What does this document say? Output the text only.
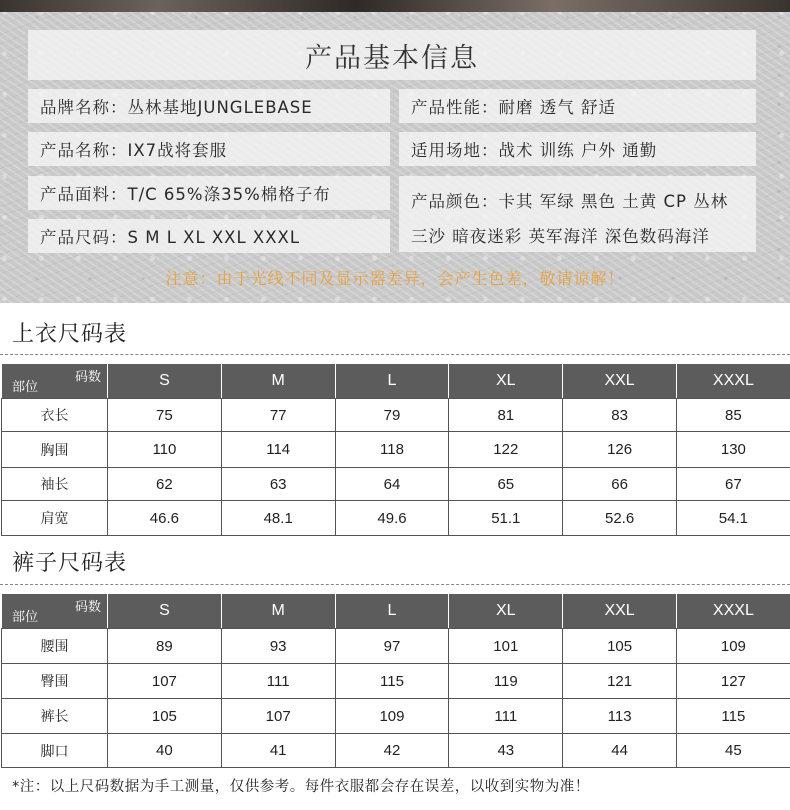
产品基本信息
品牌名称：丛林基地JUNGLEBASE	产品性能：耐磨 透气 舒适
产品名称：IX7战将套服	适用场地：战术 训练 户外 通勤
产品面料：T/C 65%涤35%棉格子布
产品尺码：S M L XL XXL XXXL
产品颜色：卡其 军绿 黑色 土黄 CP 丛林
三沙 暗夜迷彩 英军海洋 深色数码海洋
注意：由于光线不同及显示器差异，会产生色差，敬请谅解！
上衣尺码表
码数
部位	S	M	L	XL	XXL	XXXL
衣长	75	77	79	81	83	85
胸围	110	114	118	122	126	130
袖长	62	63	64	65	66	67
肩宽	46.6	48.1	49.6	51.1	52.6	54.1
裤子尺码表
码数
部位	S	M	L	XL	XXL	XXXL
腰围	89	93	97	101	105	109
臀围	107	111	115	119	121	127
裤长	105	107	109	111	113	115
脚口	40	41	42	43	44	45
*注：以上尺码数据为手工测量，仅供参考。每件衣服都会存在误差，以收到实物为准！
